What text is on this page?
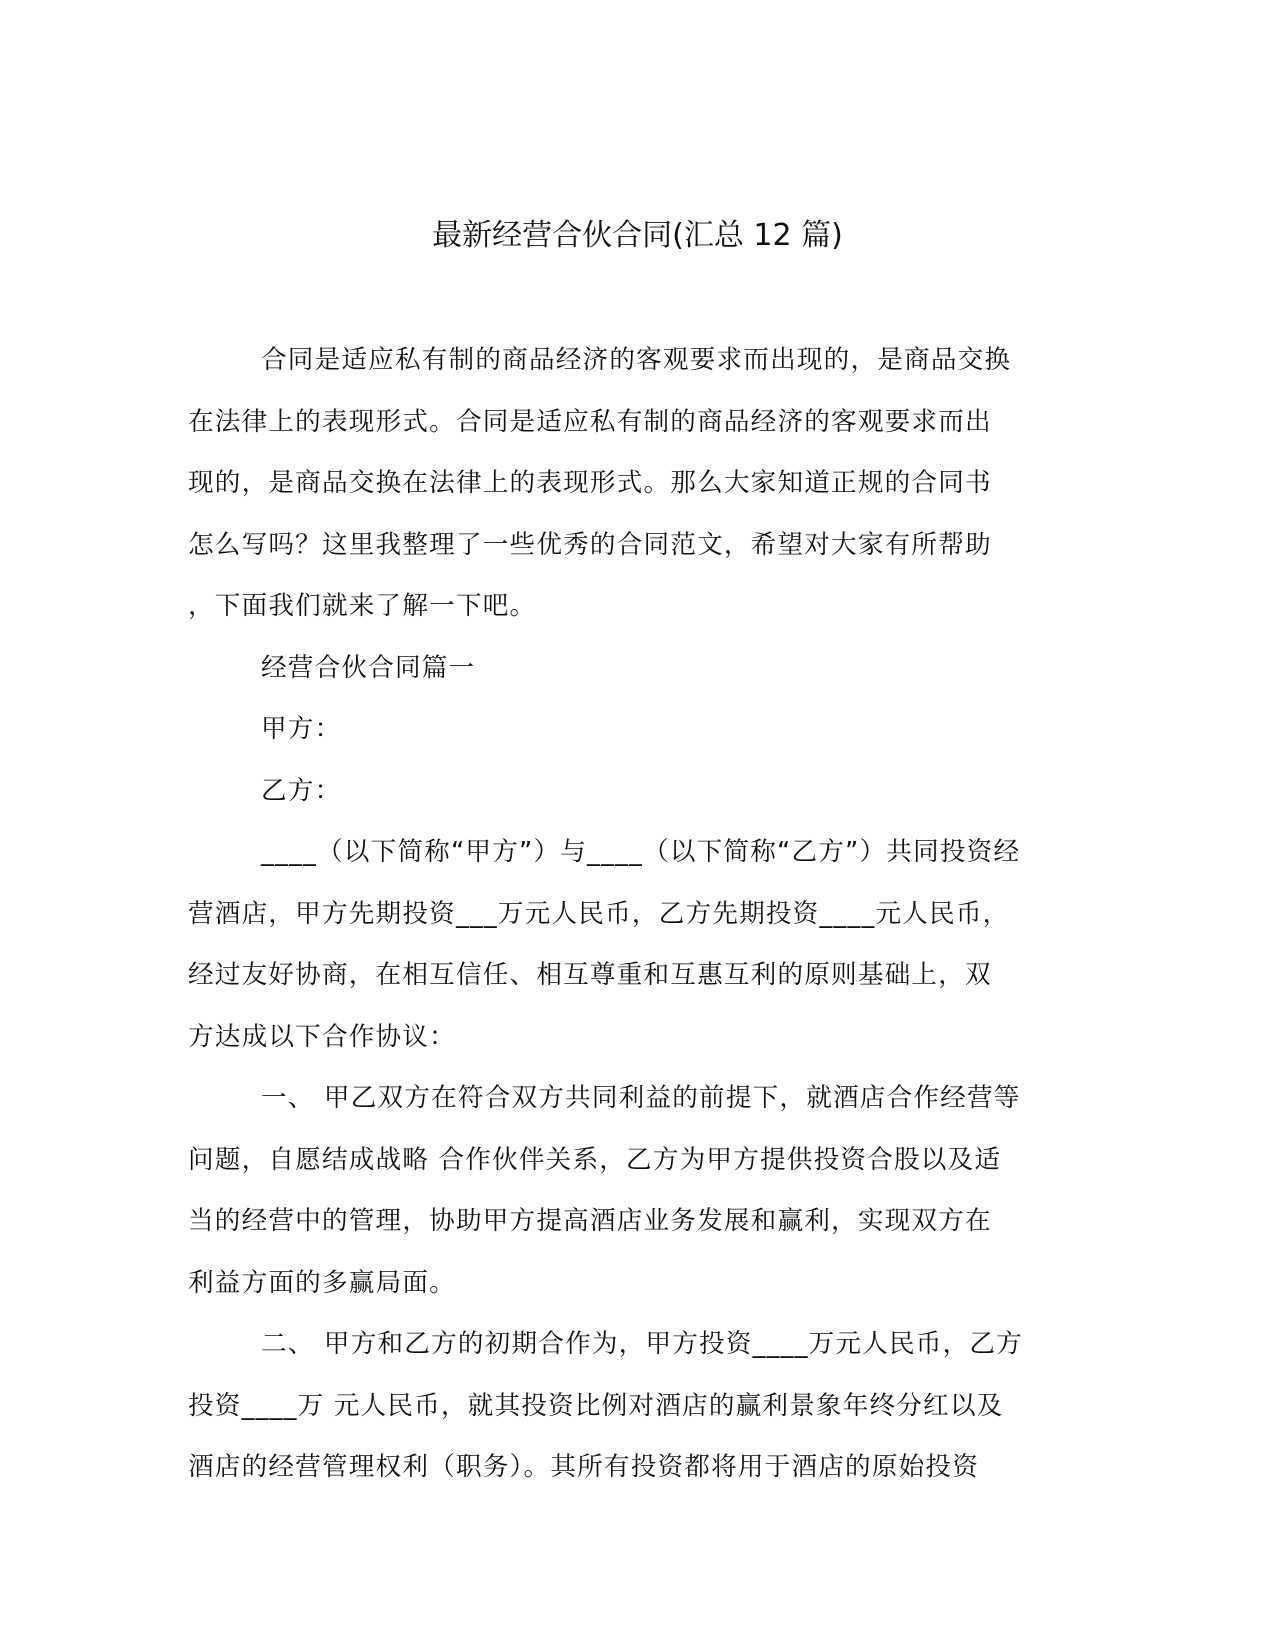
最新经营合伙合同(汇总 12 篇)
合同是适应私有制的商品经济的客观要求而出现的，是商品交换
在法律上的表现形式。合同是适应私有制的商品经济的客观要求而出
现的，是商品交换在法律上的表现形式。那么大家知道正规的合同书
怎么写吗？这里我整理了一些优秀的合同范文，希望对大家有所帮助
，下面我们就来了解一下吧。
经营合伙合同篇一
甲方：
乙方：
____（以下简称“甲方”）与____（以下简称“乙方”）共同投资经
营酒店，甲方先期投资___万元人民币，乙方先期投资____元人民币，
经过友好协商，在相互信任、相互尊重和互惠互利的原则基础上，双
方达成以下合作协议：
一、 甲乙双方在符合双方共同利益的前提下，就酒店合作经营等
问题，自愿结成战略 合作伙伴关系，乙方为甲方提供投资合股以及适
当的经营中的管理，协助甲方提高酒店业务发展和赢利，实现双方在
利益方面的多赢局面。
二、 甲方和乙方的初期合作为，甲方投资____万元人民币，乙方
投资____万 元人民币，就其投资比例对酒店的赢利景象年终分红以及
酒店的经营管理权利（职务）。其所有投资都将用于酒店的原始投资
